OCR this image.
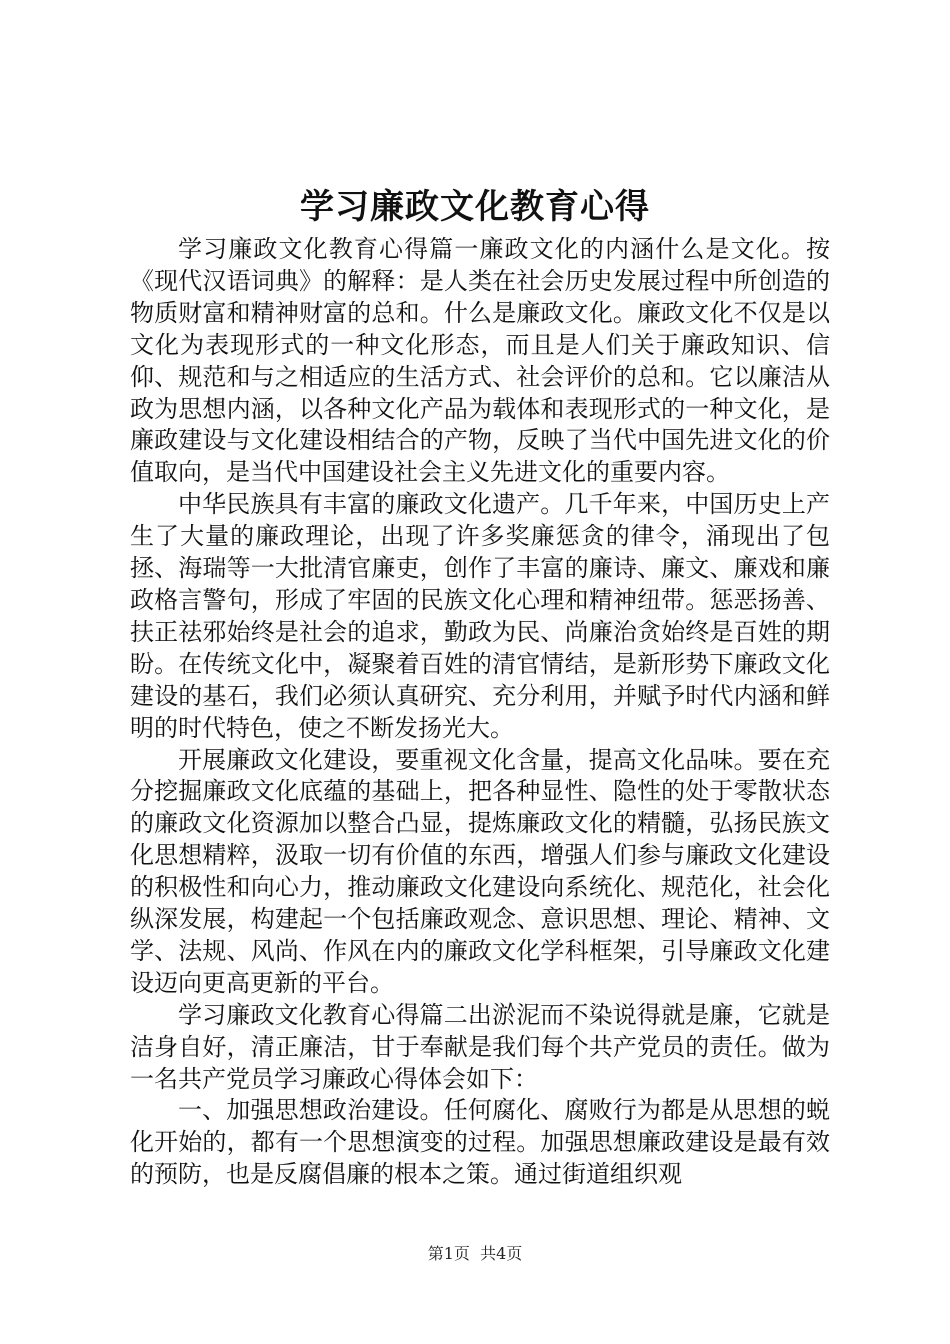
学习廉政文化教育心得

学习廉政文化教育心得篇一廉政文化的内涵什么是文化。按《现代汉语词典》的解释：是人类在社会历史发展过程中所创造的物质财富和精神财富的总和。什么是廉政文化。廉政文化不仅是以文化为表现形式的一种文化形态，而且是人们关于廉政知识、信仰、规范和与之相适应的生活方式、社会评价的总和。它以廉洁从政为思想内涵，以各种文化产品为载体和表现形式的一种文化，是廉政建设与文化建设相结合的产物，反映了当代中国先进文化的价值取向，是当代中国建设社会主义先进文化的重要内容。

中华民族具有丰富的廉政文化遗产。几千年来，中国历史上产生了大量的廉政理论，出现了许多奖廉惩贪的律令，涌现出了包拯、海瑞等一大批清官廉吏，创作了丰富的廉诗、廉文、廉戏和廉政格言警句，形成了牢固的民族文化心理和精神纽带。惩恶扬善、扶正祛邪始终是社会的追求，勤政为民、尚廉治贪始终是百姓的期盼。在传统文化中，凝聚着百姓的清官情结，是新形势下廉政文化建设的基石，我们必须认真研究、充分利用，并赋予时代内涵和鲜明的时代特色，使之不断发扬光大。

开展廉政文化建设，要重视文化含量，提高文化品味。要在充分挖掘廉政文化底蕴的基础上，把各种显性、隐性的处于零散状态的廉政文化资源加以整合凸显，提炼廉政文化的精髓，弘扬民族文化思想精粹，汲取一切有价值的东西，增强人们参与廉政文化建设的积极性和向心力，推动廉政文化建设向系统化、规范化，社会化纵深发展，构建起一个包括廉政观念、意识思想、理论、精神、文学、法规、风尚、作风在内的廉政文化学科框架，引导廉政文化建设迈向更高更新的平台。

学习廉政文化教育心得篇二出淤泥而不染说得就是廉，它就是洁身自好，清正廉洁，甘于奉献是我们每个共产党员的责任。做为一名共产党员学习廉政心得体会如下：

一、加强思想政治建设。任何腐化、腐败行为都是从思想的蜕化开始的，都有一个思想演变的过程。加强思想廉政建设是最有效的预防，也是反腐倡廉的根本之策。通过街道组织观

第1页 共4页
